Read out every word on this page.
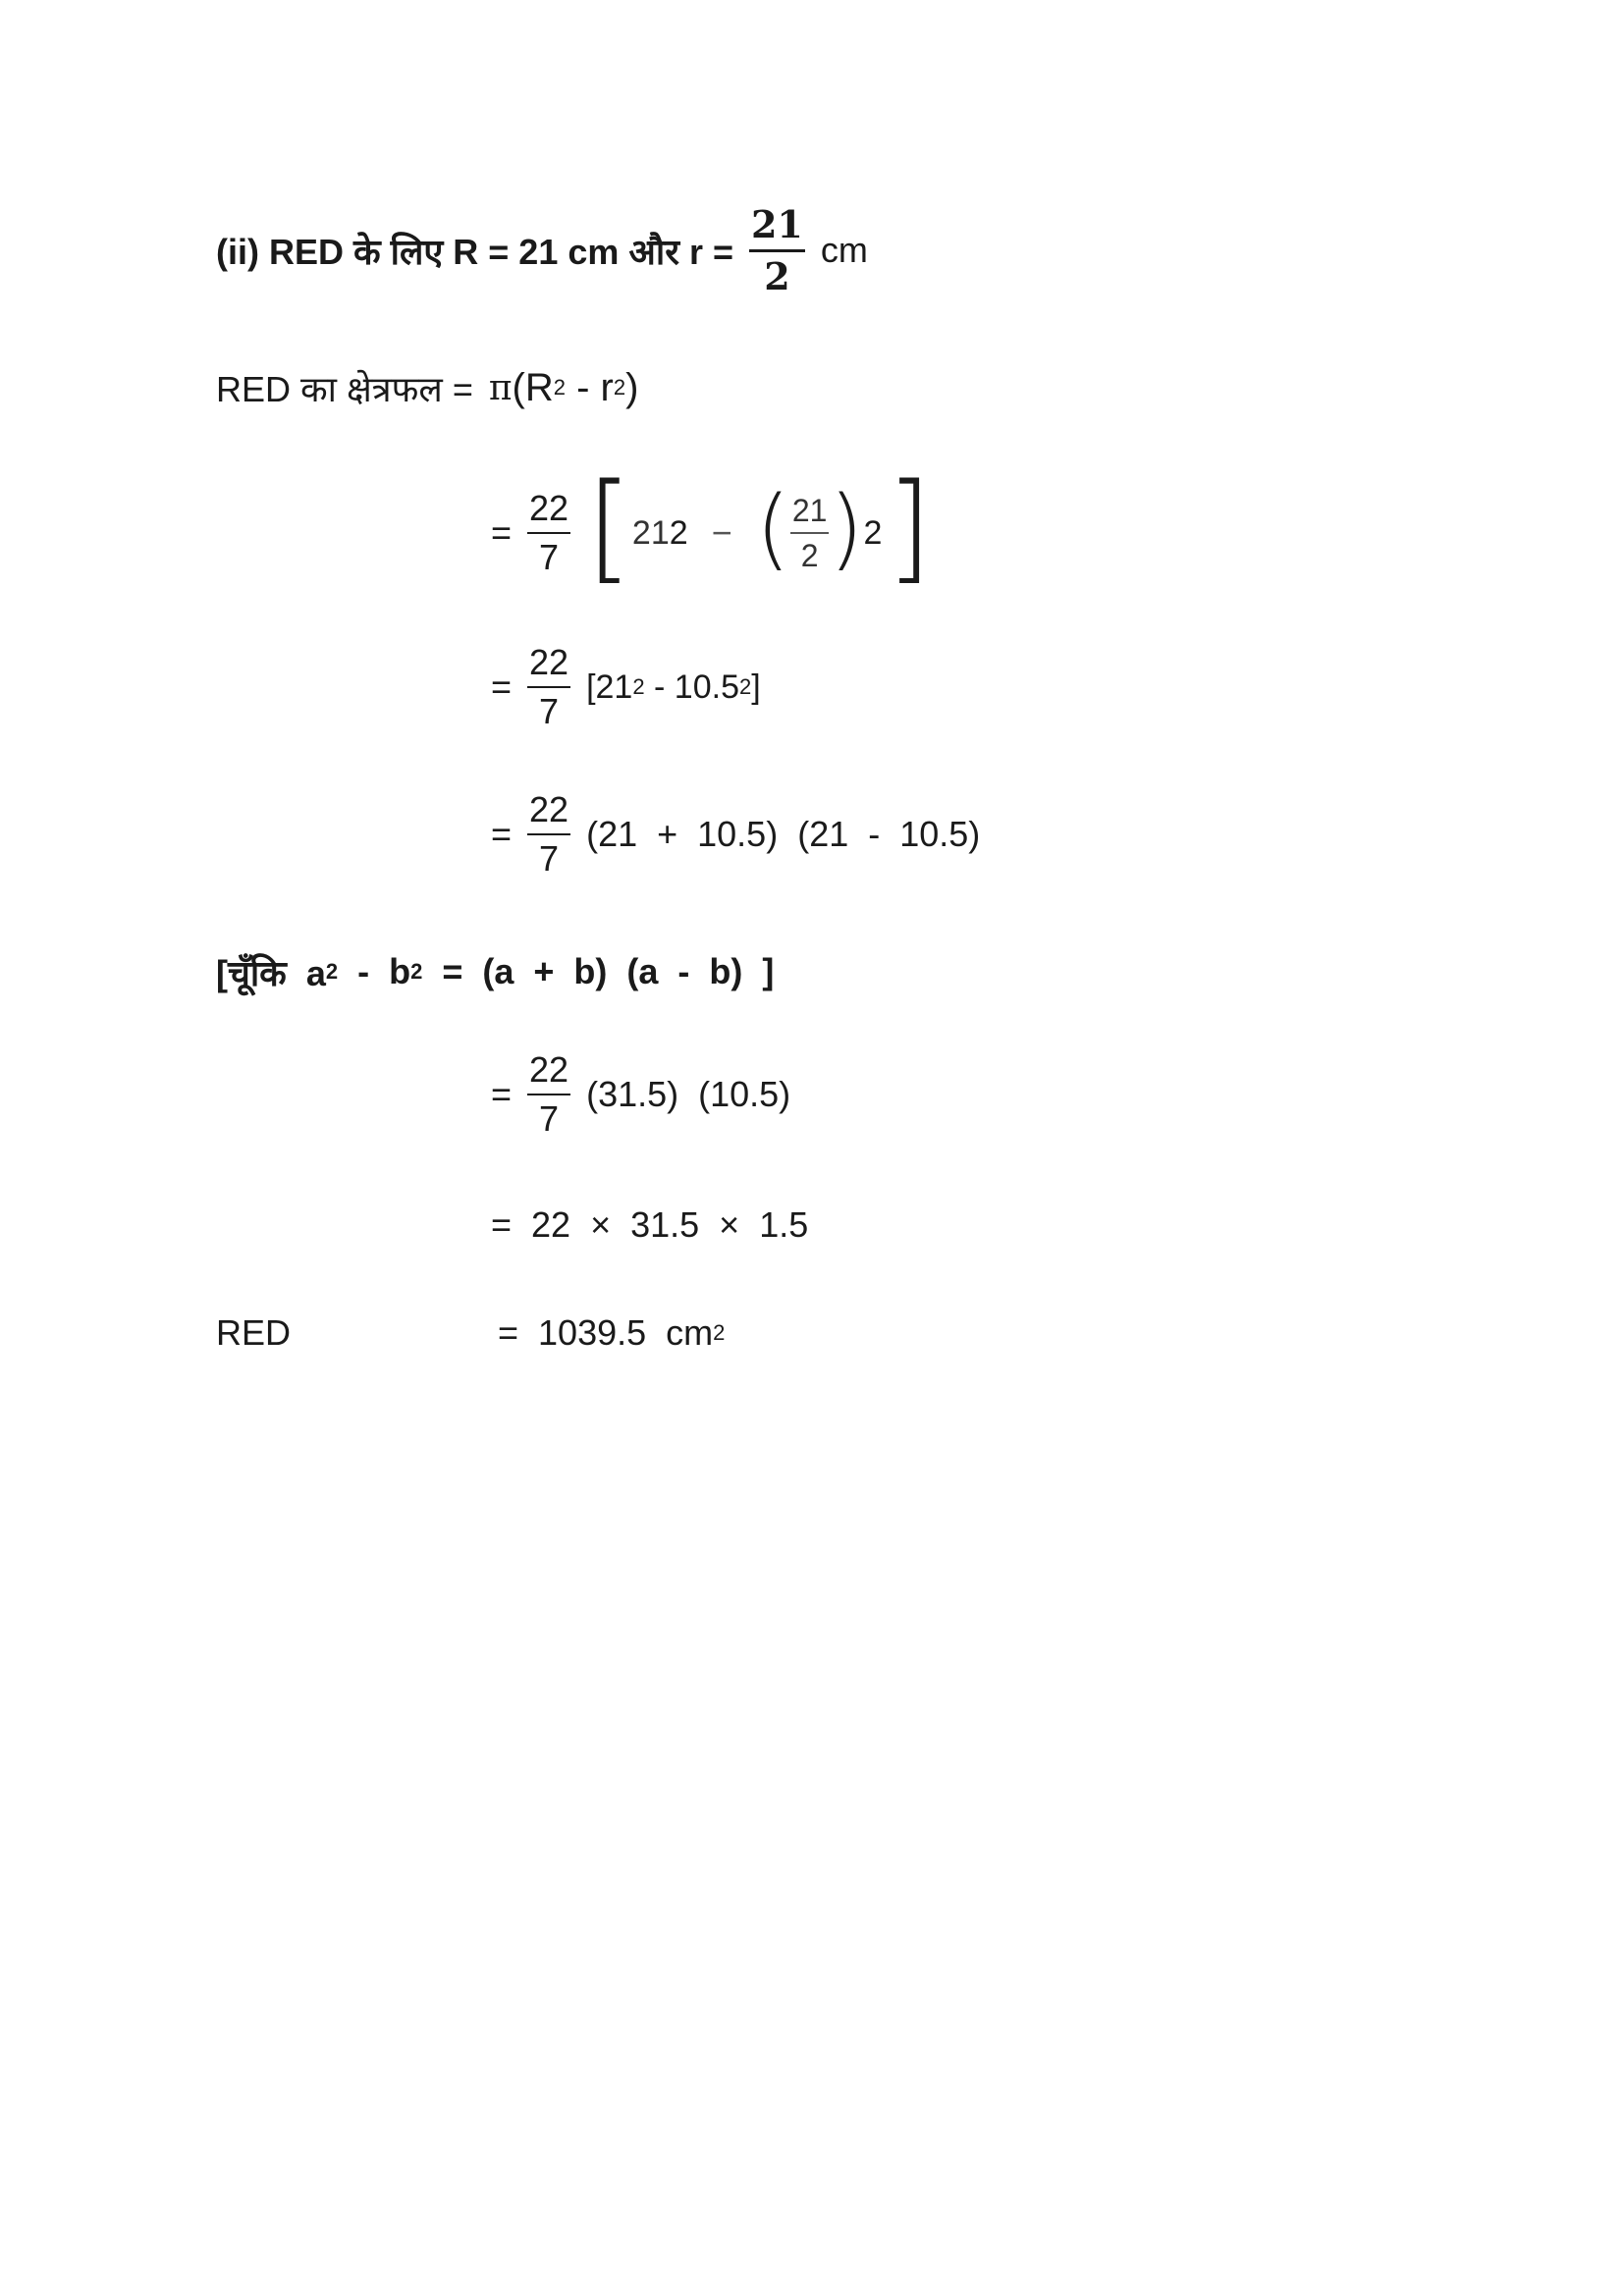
(ii) RED के लिए R = 21 cm और $r = \frac{21}{2}$ cm
RED का क्षेत्रफल = π (R 2 - r 2 )
= $\frac{22}{7}$ [ 21 2 − ( $\frac{21}{2}$ ) 2 ]
= $\frac{22}{7} [21$ 2 - 10.5 2 ]
= $\frac{22}{7} (21 + 10.5)$  (21  -  10.5)
[चूँकि  a 2 -  b 2 =  (a  +  b)  (a  -  b)  ]
= $\frac{22}{7} (31.5)$  (10.5)
=  22  ×  31.5  ×  1.5
RED	=  1039.5  cm 2
